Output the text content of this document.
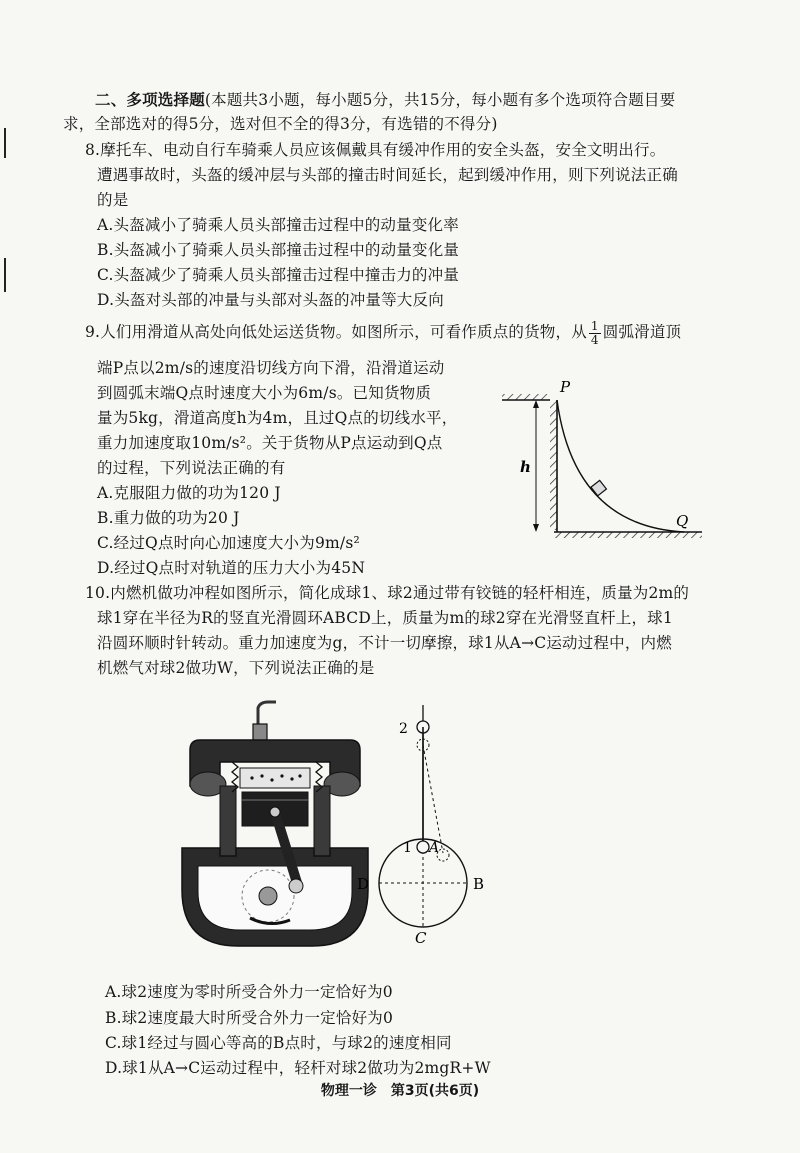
二、多项选择题(本题共3小题，每小题5分，共15分，每小题有多个选项符合题目要
求，全部选对的得5分，选对但不全的得3分，有选错的不得分)
8.摩托车、电动自行车骑乘人员应该佩戴具有缓冲作用的安全头盔，安全文明出行。
遭遇事故时，头盔的缓冲层与头部的撞击时间延长，起到缓冲作用，则下列说法正确
的是
A.头盔减小了骑乘人员头部撞击过程中的动量变化率
B.头盔减小了骑乘人员头部撞击过程中的动量变化量
C.头盔减少了骑乘人员头部撞击过程中撞击力的冲量
D.头盔对头部的冲量与头部对头盔的冲量等大反向
9.人们用滑道从高处向低处运送货物。如图所示，可看作质点的货物，从 $\frac{1}{4}$ 圆弧滑道顶
端P点以2m/s的速度沿切线方向下滑，沿滑道运动
到圆弧末端Q点时速度大小为6m/s。已知货物质
量为5kg，滑道高度h为4m，且过Q点的切线水平，
重力加速度取10m/s²。关于货物从P点运动到Q点
的过程，下列说法正确的有
A.克服阻力做的功为120 J
B.重力做的功为20 J
C.经过Q点时向心加速度大小为9m/s²
D.经过Q点时对轨道的压力大小为45N
h
P
Q
10.内燃机做功冲程如图所示，简化成球1、球2通过带有铰链的轻杆相连，质量为2m的
球1穿在半径为R的竖直光滑圆环ABCD上，质量为m的球2穿在光滑竖直杆上，球1
沿圆环顺时针转动。重力加速度为g，不计一切摩擦，球1从A→C运动过程中，内燃
机燃气对球2做功W，下列说法正确的是
2
1 A
B
D
C
A.球2速度为零时所受合外力一定恰好为0
B.球2速度最大时所受合外力一定恰好为0
C.球1经过与圆心等高的B点时，与球2的速度相同
D.球1从A→C运动过程中，轻杆对球2做功为2mgR+W
物理一诊　第3页(共6页)
